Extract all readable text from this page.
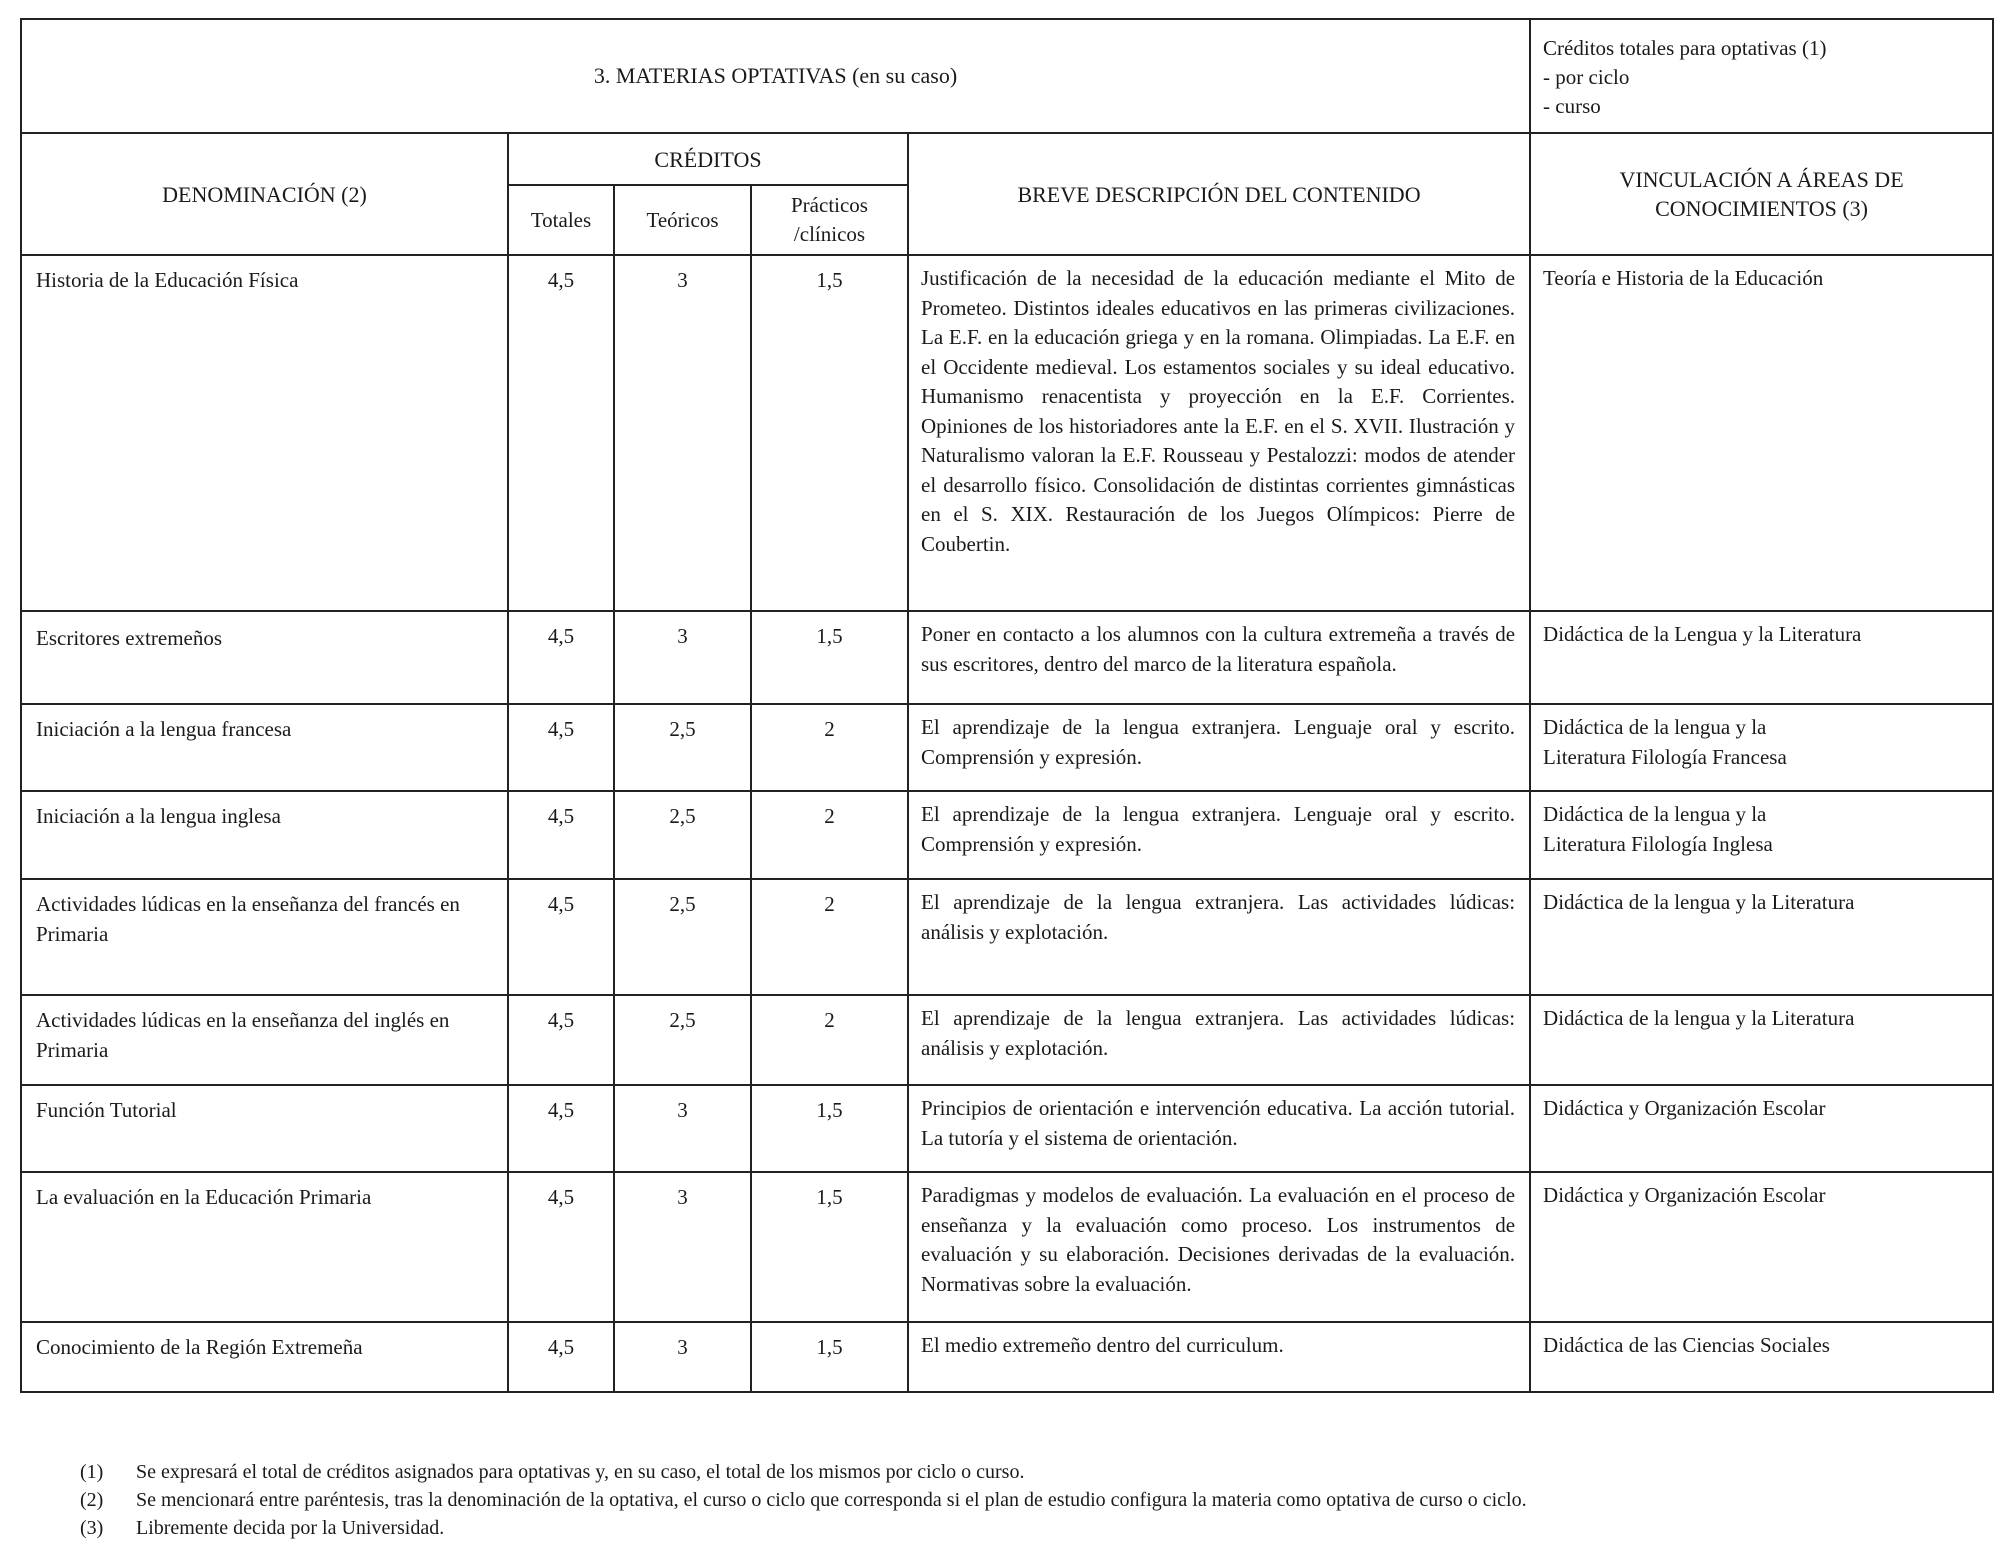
3. MATERIAS OPTATIVAS (en su caso)					Créditos totales para optativas (1)
- por ciclo
- curso

DENOMINACIÓN (2)	CRÉDITOS			BREVE DESCRIPCIÓN DEL CONTENIDO	VINCULACIÓN A ÁREAS DE CONOCIMIENTOS (3)
	Totales	Teóricos	Prácticos /clínicos		
Historia de la Educación Física	4,5	3	1,5	Justificación de la necesidad de la educación mediante el Mito de Prometeo. Distintos ideales educativos en las primeras civilizaciones. La E.F. en la educación griega y en la romana. Olimpiadas. La E.F. en el Occidente medieval. Los estamentos sociales y su ideal educativo. Humanismo renacentista y proyección en la E.F. Corrientes. Opiniones de los historiadores ante la E.F. en el S. XVII. Ilustración y Naturalismo valoran la E.F. Rousseau y Pestalozzi: modos de atender el desarrollo físico. Consolidación de distintas corrientes gimnásticas en el S. XIX. Restauración de los Juegos Olímpicos: Pierre de Coubertin.	Teoría e Historia de la Educación
Escritores extremeños	4,5	3	1,5	Poner en contacto a los alumnos con la cultura extremeña a través de sus escritores, dentro del marco de la literatura española.	Didáctica de la Lengua y la Literatura
Iniciación a la lengua francesa	4,5	2,5	2	El aprendizaje de la lengua extranjera. Lenguaje oral y escrito. Comprensión y expresión.	Didáctica de la lengua y la Literatura Filología Francesa
Iniciación a la lengua inglesa	4,5	2,5	2	El aprendizaje de la lengua extranjera. Lenguaje oral y escrito. Comprensión y expresión.	Didáctica de la lengua y la Literatura Filología Inglesa
Actividades lúdicas en la enseñanza del francés en Primaria	4,5	2,5	2	El aprendizaje de la lengua extranjera. Las actividades lúdicas: análisis y explotación.	Didáctica de la lengua y la Literatura
Actividades lúdicas en la enseñanza del inglés en Primaria	4,5	2,5	2	El aprendizaje de la lengua extranjera. Las actividades lúdicas: análisis y explotación.	Didáctica de la lengua y la Literatura
Función Tutorial	4,5	3	1,5	Principios de orientación e intervención educativa. La acción tutorial. La tutoría y el sistema de orientación.	Didáctica y Organización Escolar
La evaluación en la Educación Primaria	4,5	3	1,5	Paradigmas y modelos de evaluación. La evaluación en el proceso de enseñanza y la evaluación como proceso. Los instrumentos de evaluación y su elaboración. Decisiones derivadas de la evaluación. Normativas sobre la evaluación.	Didáctica y Organización Escolar
Conocimiento de la Región Extremeña	4,5	3	1,5	El medio extremeño dentro del curriculum.	Didáctica de las Ciencias Sociales
(1)	Se expresará el total de créditos asignados para optativas y, en su caso, el total de los mismos por ciclo o curso.
(2)	Se mencionará entre paréntesis, tras la denominación de la optativa, el curso o ciclo que corresponda si el plan de estudio configura la materia como optativa de curso o ciclo.
(3)	Libremente decida por la Universidad.
